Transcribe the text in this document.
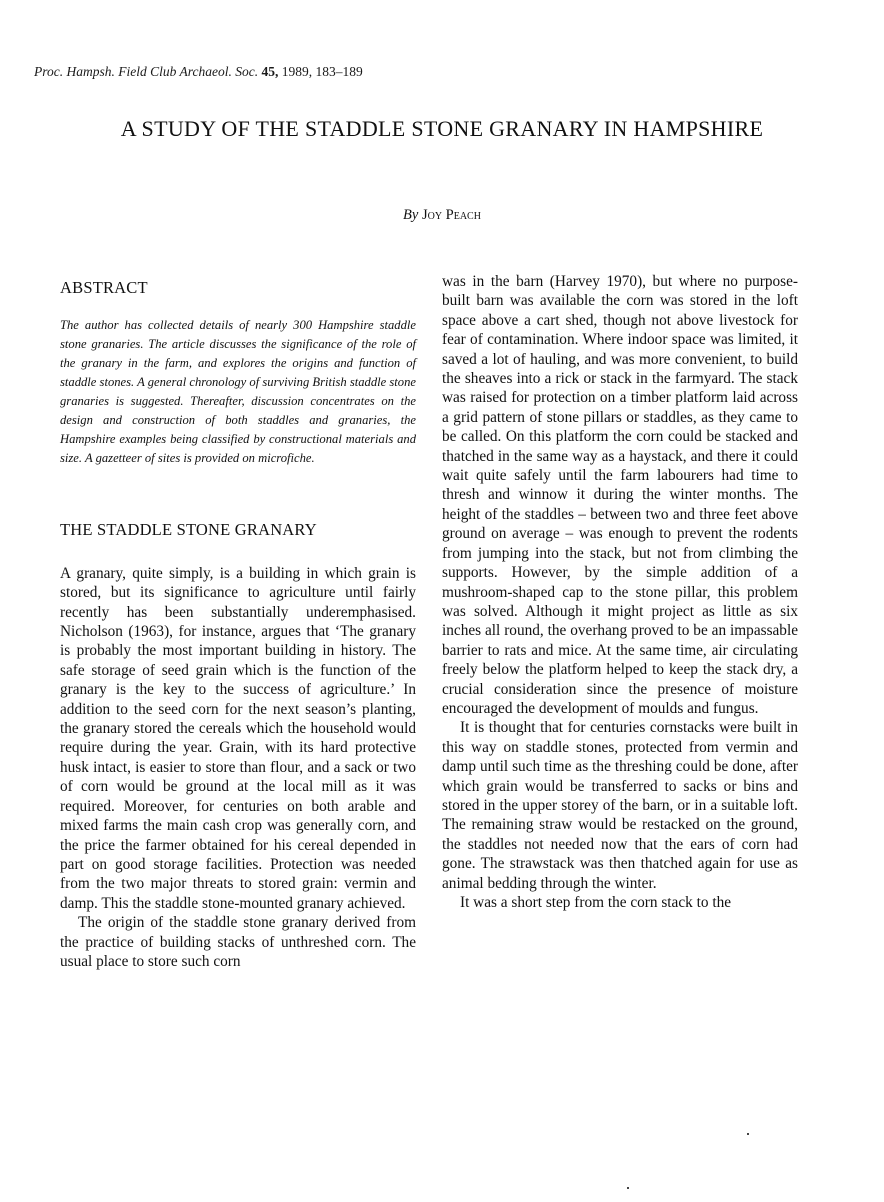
Proc. Hampsh. Field Club Archaeol. Soc. 45, 1989, 183–189
A STUDY OF THE STADDLE STONE GRANARY IN HAMPSHIRE
By Joy Peach
ABSTRACT

The author has collected details of nearly 300 Hampshire staddle stone granaries. The article discusses the significance of the role of the granary in the farm, and explores the origins and function of staddle stones. A general chronology of surviving British staddle stone granaries is suggested. Thereafter, discussion concentrates on the design and construction of both staddles and granaries, the Hampshire examples being classified by constructional materials and size. A gazetteer of sites is provided on microfiche.

THE STADDLE STONE GRANARY

A granary, quite simply, is a building in which grain is stored, but its significance to agriculture until fairly recently has been substantially underemphasised. Nicholson (1963), for instance, argues that ‘The granary is probably the most important building in history. The safe storage of seed grain which is the function of the granary is the key to the success of agriculture.’ In addition to the seed corn for the next season’s planting, the granary stored the cereals which the household would require during the year. Grain, with its hard protective husk intact, is easier to store than flour, and a sack or two of corn would be ground at the local mill as it was required. Moreover, for centuries on both arable and mixed farms the main cash crop was generally corn, and the price the farmer obtained for his cereal depended in part on good storage facilities. Protection was needed from the two major threats to stored grain: vermin and damp. This the staddle stone-mounted granary achieved.

The origin of the staddle stone granary derived from the practice of building stacks of unthreshed corn. The usual place to store such corn

was in the barn (Harvey 1970), but where no purpose-built barn was available the corn was stored in the loft space above a cart shed, though not above livestock for fear of contamination. Where indoor space was limited, it saved a lot of hauling, and was more convenient, to build the sheaves into a rick or stack in the farmyard. The stack was raised for protection on a timber platform laid across a grid pattern of stone pillars or staddles, as they came to be called. On this platform the corn could be stacked and thatched in the same way as a haystack, and there it could wait quite safely until the farm labourers had time to thresh and winnow it during the winter months. The height of the staddles – between two and three feet above ground on average – was enough to prevent the rodents from jumping into the stack, but not from climbing the supports. However, by the simple addition of a mushroom-shaped cap to the stone pillar, this problem was solved. Although it might project as little as six inches all round, the overhang proved to be an impassable barrier to rats and mice. At the same time, air circulating freely below the platform helped to keep the stack dry, a crucial consideration since the presence of moisture encouraged the development of moulds and fungus.

It is thought that for centuries cornstacks were built in this way on staddle stones, protected from vermin and damp until such time as the threshing could be done, after which grain would be transferred to sacks or bins and stored in the upper storey of the barn, or in a suitable loft. The remaining straw would be restacked on the ground, the staddles not needed now that the ears of corn had gone. The strawstack was then thatched again for use as animal bedding through the winter.

It was a short step from the corn stack to the
